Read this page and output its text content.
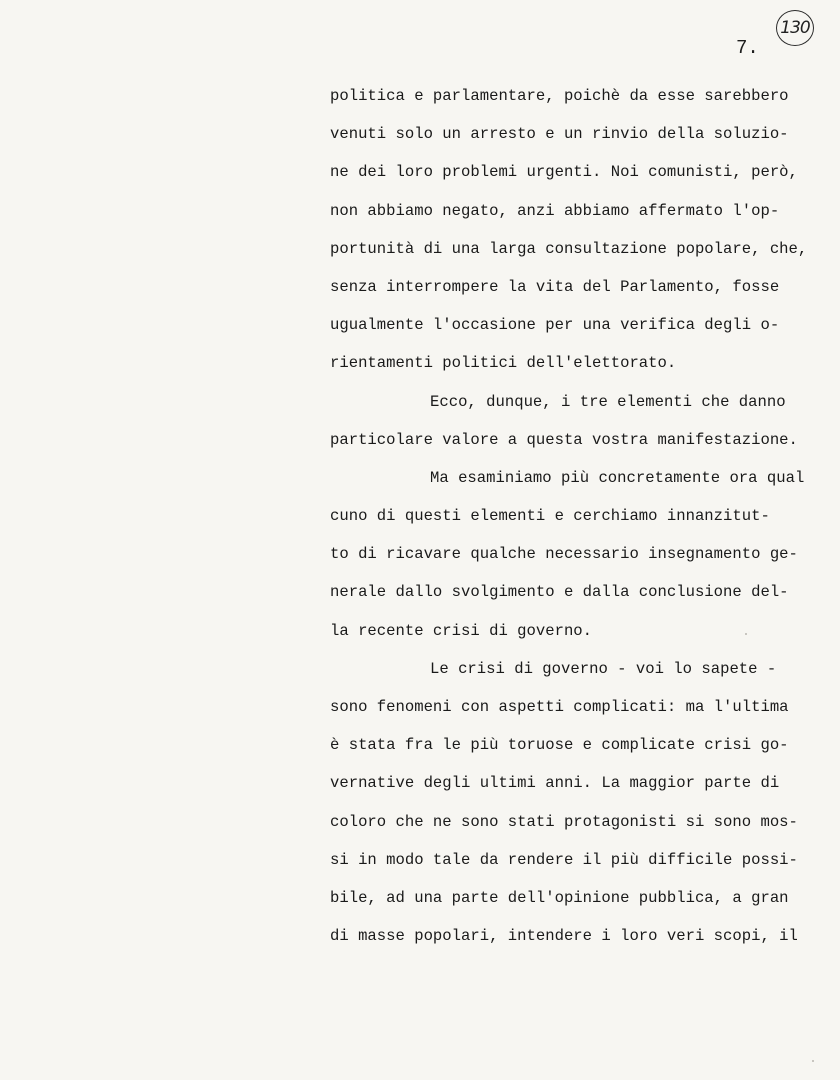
7.
130
politica e parlamentare, poichè da esse sarebbero
venuti solo un arresto e un rinvio della soluzio-
ne dei loro problemi urgenti. Noi comunisti, però,
non abbiamo negato, anzi abbiamo affermato l'op-
portunità di una larga consultazione popolare, che,
senza interrompere la vita del Parlamento, fosse
ugualmente l'occasione per una verifica degli o-
rientamenti politici dell'elettorato.
Ecco, dunque, i tre elementi che danno
particolare valore a questa vostra manifestazione.
Ma esaminiamo più concretamente ora qual
cuno di questi elementi e cerchiamo innanzitut-
to di ricavare qualche necessario insegnamento ge-
nerale dallo svolgimento e dalla conclusione del-
la recente crisi di governo.
Le crisi di governo - voi lo sapete -
sono fenomeni con aspetti complicati: ma l'ultima
è stata fra le più toruose e complicate crisi go-
vernative degli ultimi anni. La maggior parte di
coloro che ne sono stati protagonisti si sono mos-
si in modo tale da rendere il più difficile possi-
bile, ad una parte dell'opinione pubblica, a gran
di masse popolari, intendere i loro veri scopi, il
